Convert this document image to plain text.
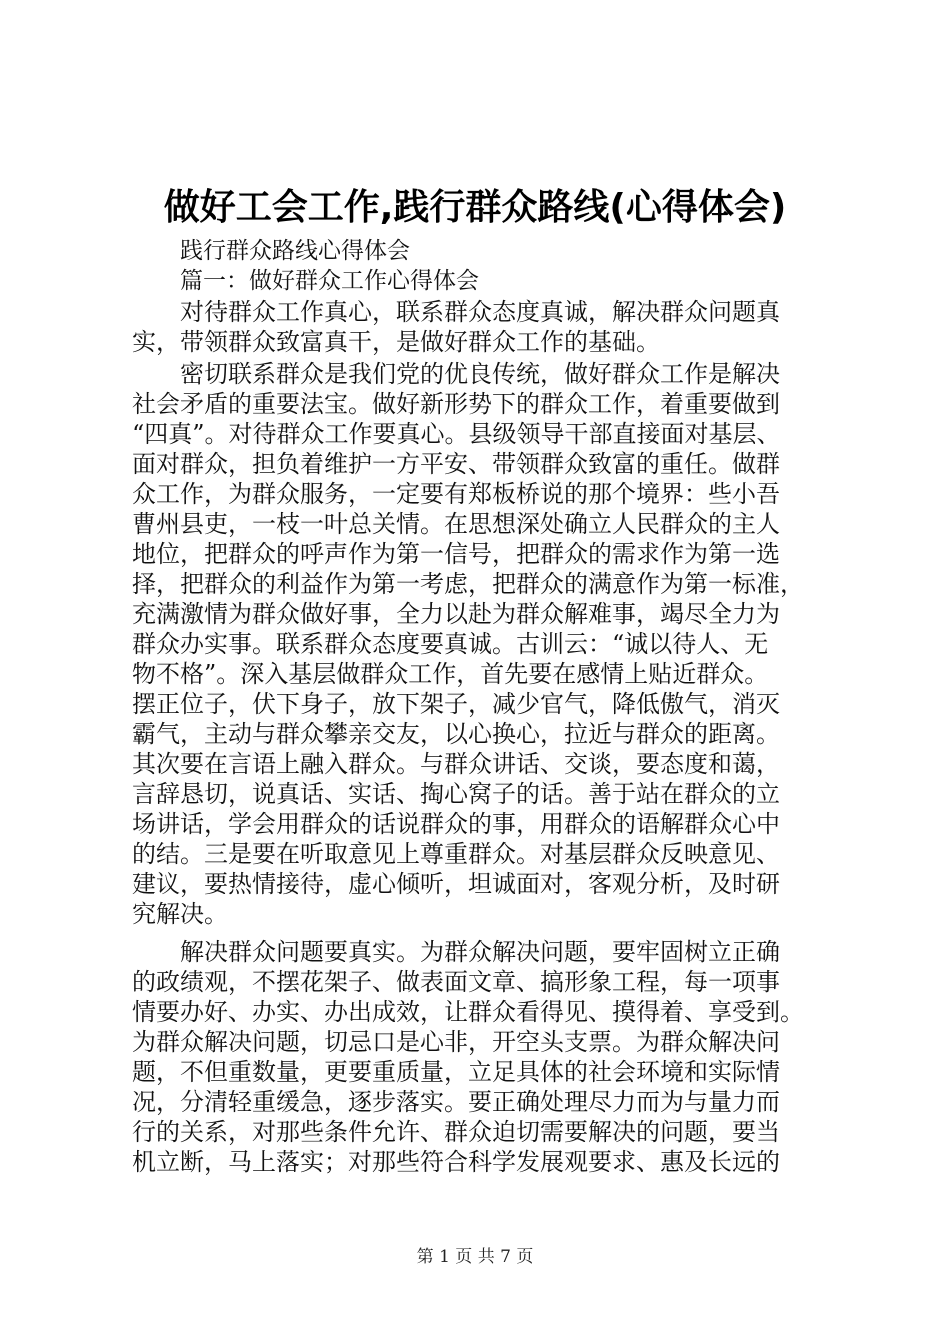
做好工会工作,践行群众路线(心得体会)

践行群众路线心得体会

篇一：做好群众工作心得体会

对待群众工作真心，联系群众态度真诚，解决群众问题真
实，带领群众致富真干，是做好群众工作的基础。
密切联系群众是我们党的优良传统，做好群众工作是解决
社会矛盾的重要法宝。做好新形势下的群众工作，着重要做到
“四真”。对待群众工作要真心。县级领导干部直接面对基层、
面对群众，担负着维护一方平安、带领群众致富的重任。做群
众工作，为群众服务，一定要有郑板桥说的那个境界：些小吾
曹州县吏，一枝一叶总关情。在思想深处确立人民群众的主人
地位，把群众的呼声作为第一信号，把群众的需求作为第一选
择，把群众的利益作为第一考虑，把群众的满意作为第一标准，
充满激情为群众做好事，全力以赴为群众解难事，竭尽全力为
群众办实事。联系群众态度要真诚。古训云：“诚以待人、无
物不格”。深入基层做群众工作，首先要在感情上贴近群众。
摆正位子，伏下身子，放下架子，减少官气，降低傲气，消灭
霸气，主动与群众攀亲交友，以心换心，拉近与群众的距离。
其次要在言语上融入群众。与群众讲话、交谈，要态度和蔼，
言辞恳切，说真话、实话、掏心窝子的话。善于站在群众的立
场讲话，学会用群众的话说群众的事，用群众的语解群众心中
的结。三是要在听取意见上尊重群众。对基层群众反映意见、
建议，要热情接待，虚心倾听，坦诚面对，客观分析，及时研
究解决。
解决群众问题要真实。为群众解决问题，要牢固树立正确
的政绩观，不摆花架子、做表面文章、搞形象工程，每一项事
情要办好、办实、办出成效，让群众看得见、摸得着、享受到。
为群众解决问题，切忌口是心非，开空头支票。为群众解决问
题，不但重数量，更要重质量，立足具体的社会环境和实际情
况，分清轻重缓急，逐步落实。要正确处理尽力而为与量力而
行的关系，对那些条件允许、群众迫切需要解决的问题，要当
机立断，马上落实；对那些符合科学发展观要求、惠及长远的

第 1 页 共 7 页
